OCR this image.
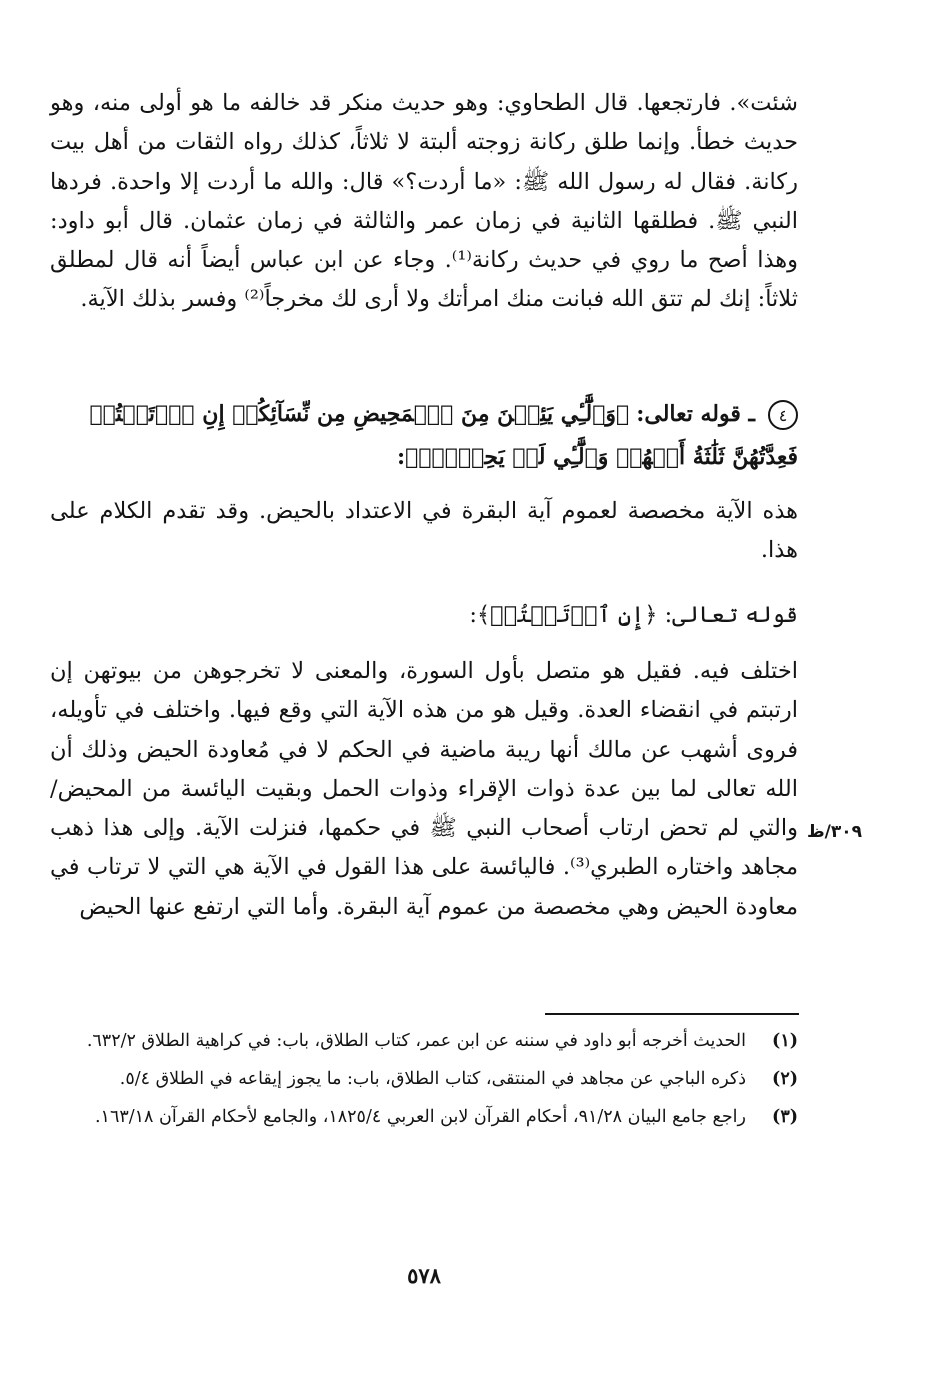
شئت». فارتجعها. قال الطحاوي: وهو حديث منكر قد خالفه ما هو أولى منه، وهو حديث خطأ. وإنما طلق ركانة زوجته ألبتة لا ثلاثاً، كذلك رواه الثقات من أهل بيت ركانة. فقال له رسول الله ﷺ: «ما أردت؟» قال: والله ما أردت إلا واحدة. فردها النبي ﷺ. فطلقها الثانية في زمان عمر والثالثة في زمان عثمان. قال أبو داود: وهذا أصح ما روي في حديث ركانة⁽¹⁾. وجاء عن ابن عباس أيضاً أنه قال لمطلق ثلاثاً: إنك لم تتق الله فبانت منك امرأتك ولا أرى لك مخرجاً⁽²⁾ وفسر بذلك الآية.
٤ ـ قوله تعالى: ﴿وَٱلَّٰٓـِٔي يَئِسۡنَ مِنَ ٱلۡمَحِيضِ مِن نِّسَآئِكُمۡ إِنِ ٱرۡتَبۡتُمۡ فَعِدَّتُهُنَّ ثَلَٰثَةُ أَشۡهُرٖ وَٱلَّٰٓـِٔي لَمۡ يَحِضۡنَۚ﴾:
هذه الآية مخصصة لعموم آية البقرة في الاعتداد بالحيض. وقد تقدم الكلام على هذا.
قوله تعالى: ﴿إِنِ ٱرۡتَبۡتُمۡ﴾:
اختلف فيه. فقيل هو متصل بأول السورة، والمعنى لا تخرجوهن من بيوتهن إن ارتبتم في انقضاء العدة. وقيل هو من هذه الآية التي وقع فيها. واختلف في تأويله، فروى أشهب عن مالك أنها ريبة ماضية في الحكم لا في مُعاودة الحيض وذلك أن الله تعالى لما بين عدة ذوات الإقراء وذوات الحمل وبقيت اليائسة من المحيض/ والتي لم تحض ارتاب أصحاب النبي ﷺ في حكمها، فنزلت الآية. وإلى هذا ذهب مجاهد واختاره الطبري⁽³⁾. فاليائسة على هذا القول في الآية هي التي لا ترتاب في معاودة الحيض وهي مخصصة من عموم آية البقرة. وأما التي ارتفع عنها الحيض
٣٠٩/ظ
(١)
الحديث أخرجه أبو داود في سننه عن ابن عمر، كتاب الطلاق، باب: في كراهية الطلاق ٦٣٢/٢.
(٢)
ذكره الباجي عن مجاهد في المنتقى، كتاب الطلاق، باب: ما يجوز إيقاعه في الطلاق ٥/٤.
(٣)
راجع جامع البيان ٩١/٢٨، أحكام القرآن لابن العربي ١٨٢٥/٤، والجامع لأحكام القرآن ١٦٣/١٨.
٥٧٨
